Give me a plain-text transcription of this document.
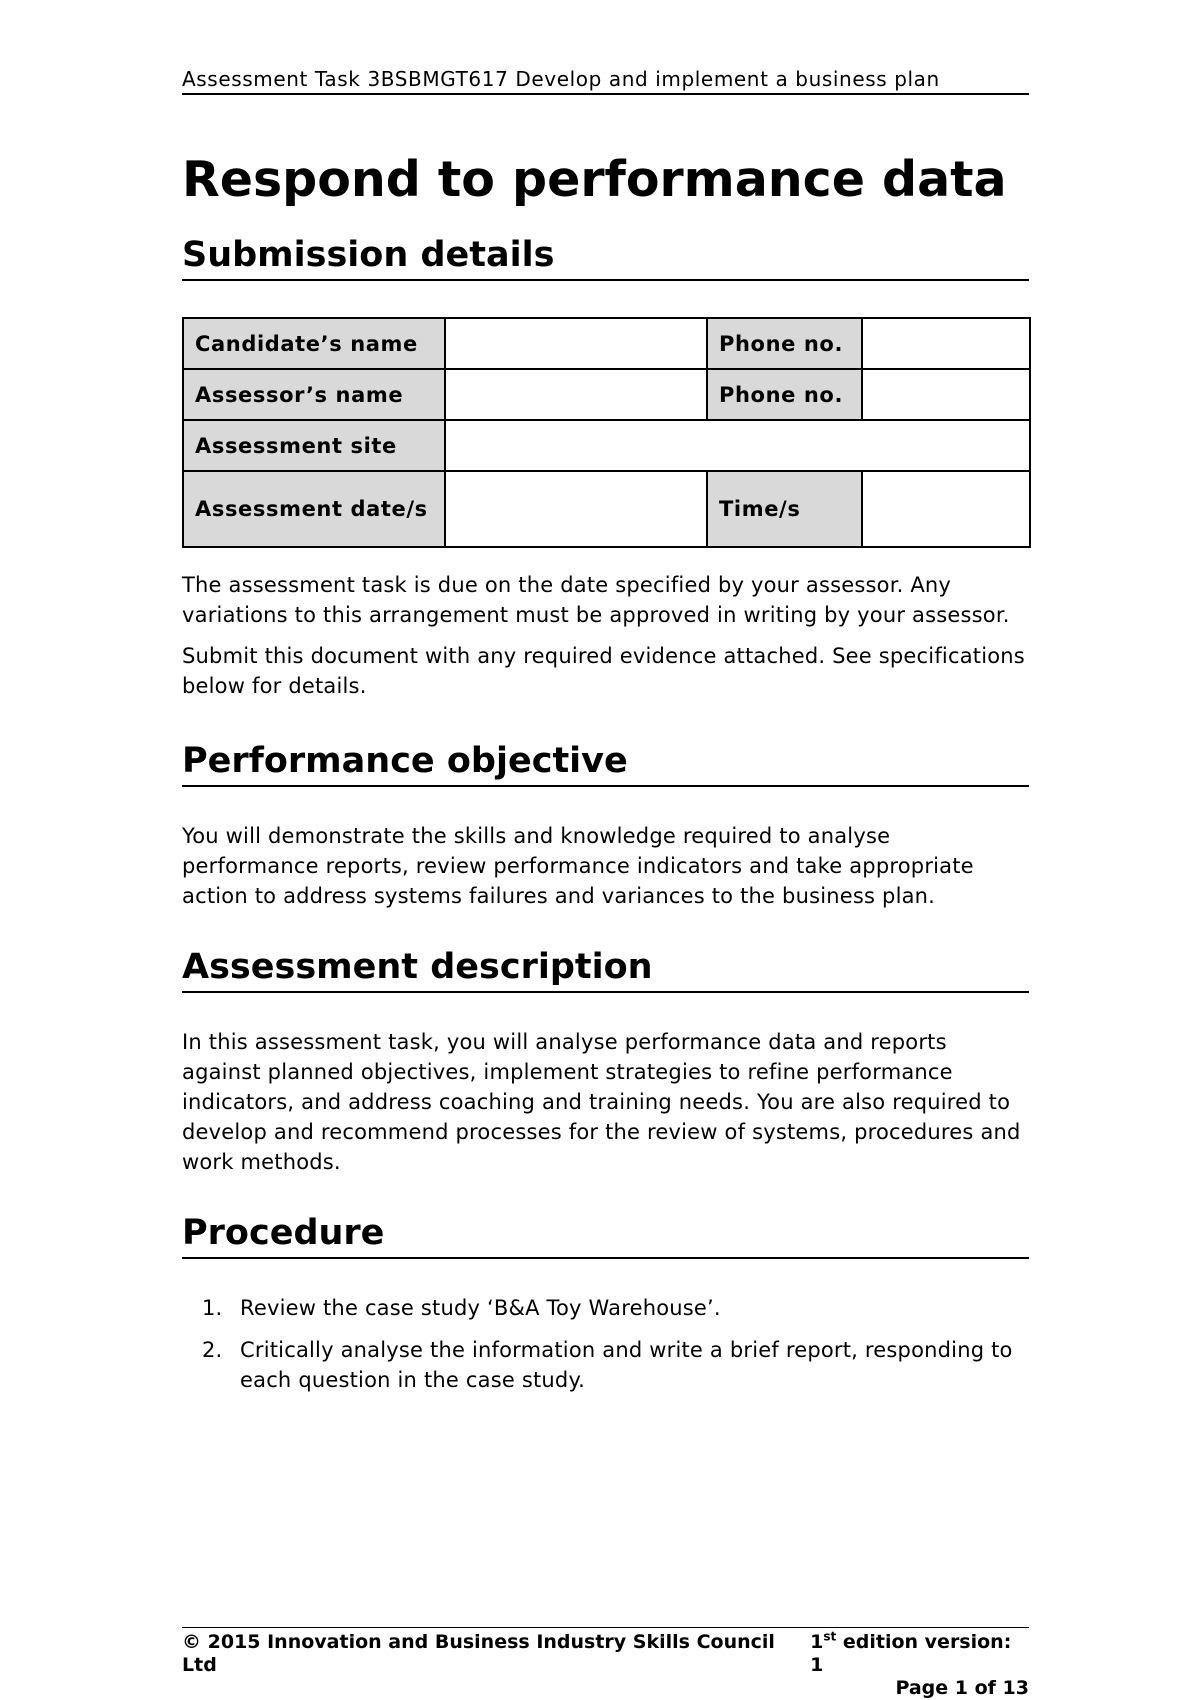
Assessment Task 3BSBMGT617 Develop and implement a business plan
Respond to performance data
Submission details
Candidate’s name		Phone no.	
Assessor’s name		Phone no.	
Assessment site			
Assessment date/s		Time/s	

The assessment task is due on the date specified by your assessor. Any variations to this arrangement must be approved in writing by your assessor.

Submit this document with any required evidence attached. See specifications below for details.

Performance objective

You will demonstrate the skills and knowledge required to analyse performance reports, review performance indicators and take appropriate action to address systems failures and variances to the business plan.

Assessment description

In this assessment task, you will analyse performance data and reports against planned objectives, implement strategies to refine performance indicators, and address coaching and training needs. You are also required to develop and recommend processes for the review of systems, procedures and work methods.

Procedure
1. Review the case study ‘B&A Toy Warehouse’.
2. Critically analyse the information and write a brief report, responding to each question in the case study.
© 2015 Innovation and Business Industry Skills Council Ltd
1st edition version: 1
Page 1 of 13
